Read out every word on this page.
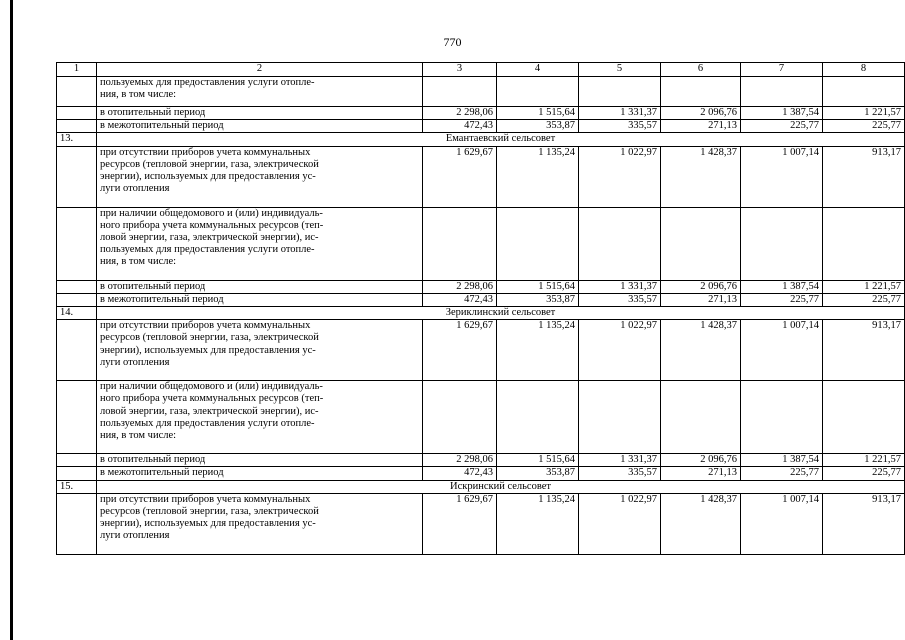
770
1	2	3	4	5	6	7	8

	пользуемых для предоставления услуги отопле-
ния, в том числе:						

	в отопительный период	2 298,06	1 515,64	1 331,37	2 096,76	1 387,54	1 221,57
	в межотопительный период	472,43	353,87	335,57	271,13	225,77	225,77
13.	Емантаевский сельсовет						

	при отсутствии приборов учета коммунальных
ресурсов (тепловой энергии, газа, электрической
энергии), используемых для предоставления ус-
луги отопления	1 629,67	1 135,24	1 022,97	1 428,37	1 007,14	913,17

	при наличии общедомового и (или) индивидуаль-
ного прибора учета коммунальных ресурсов (теп-
ловой энергии, газа, электрической энергии), ис-
пользуемых для предоставления услуги отопле-
ния, в том числе:						

	в отопительный период	2 298,06	1 515,64	1 331,37	2 096,76	1 387,54	1 221,57
	в межотопительный период	472,43	353,87	335,57	271,13	225,77	225,77
14.	Зериклинский сельсовет						

	при отсутствии приборов учета коммунальных
ресурсов (тепловой энергии, газа, электрической
энергии), используемых для предоставления ус-
луги отопления	1 629,67	1 135,24	1 022,97	1 428,37	1 007,14	913,17

	при наличии общедомового и (или) индивидуаль-
ного прибора учета коммунальных ресурсов (теп-
ловой энергии, газа, электрической энергии), ис-
пользуемых для предоставления услуги отопле-
ния, в том числе:						

	в отопительный период	2 298,06	1 515,64	1 331,37	2 096,76	1 387,54	1 221,57
	в межотопительный период	472,43	353,87	335,57	271,13	225,77	225,77
15.	Искринский сельсовет						

	при отсутствии приборов учета коммунальных
ресурсов (тепловой энергии, газа, электрической
энергии), используемых для предоставления ус-
луги отопления	1 629,67	1 135,24	1 022,97	1 428,37	1 007,14	913,17
